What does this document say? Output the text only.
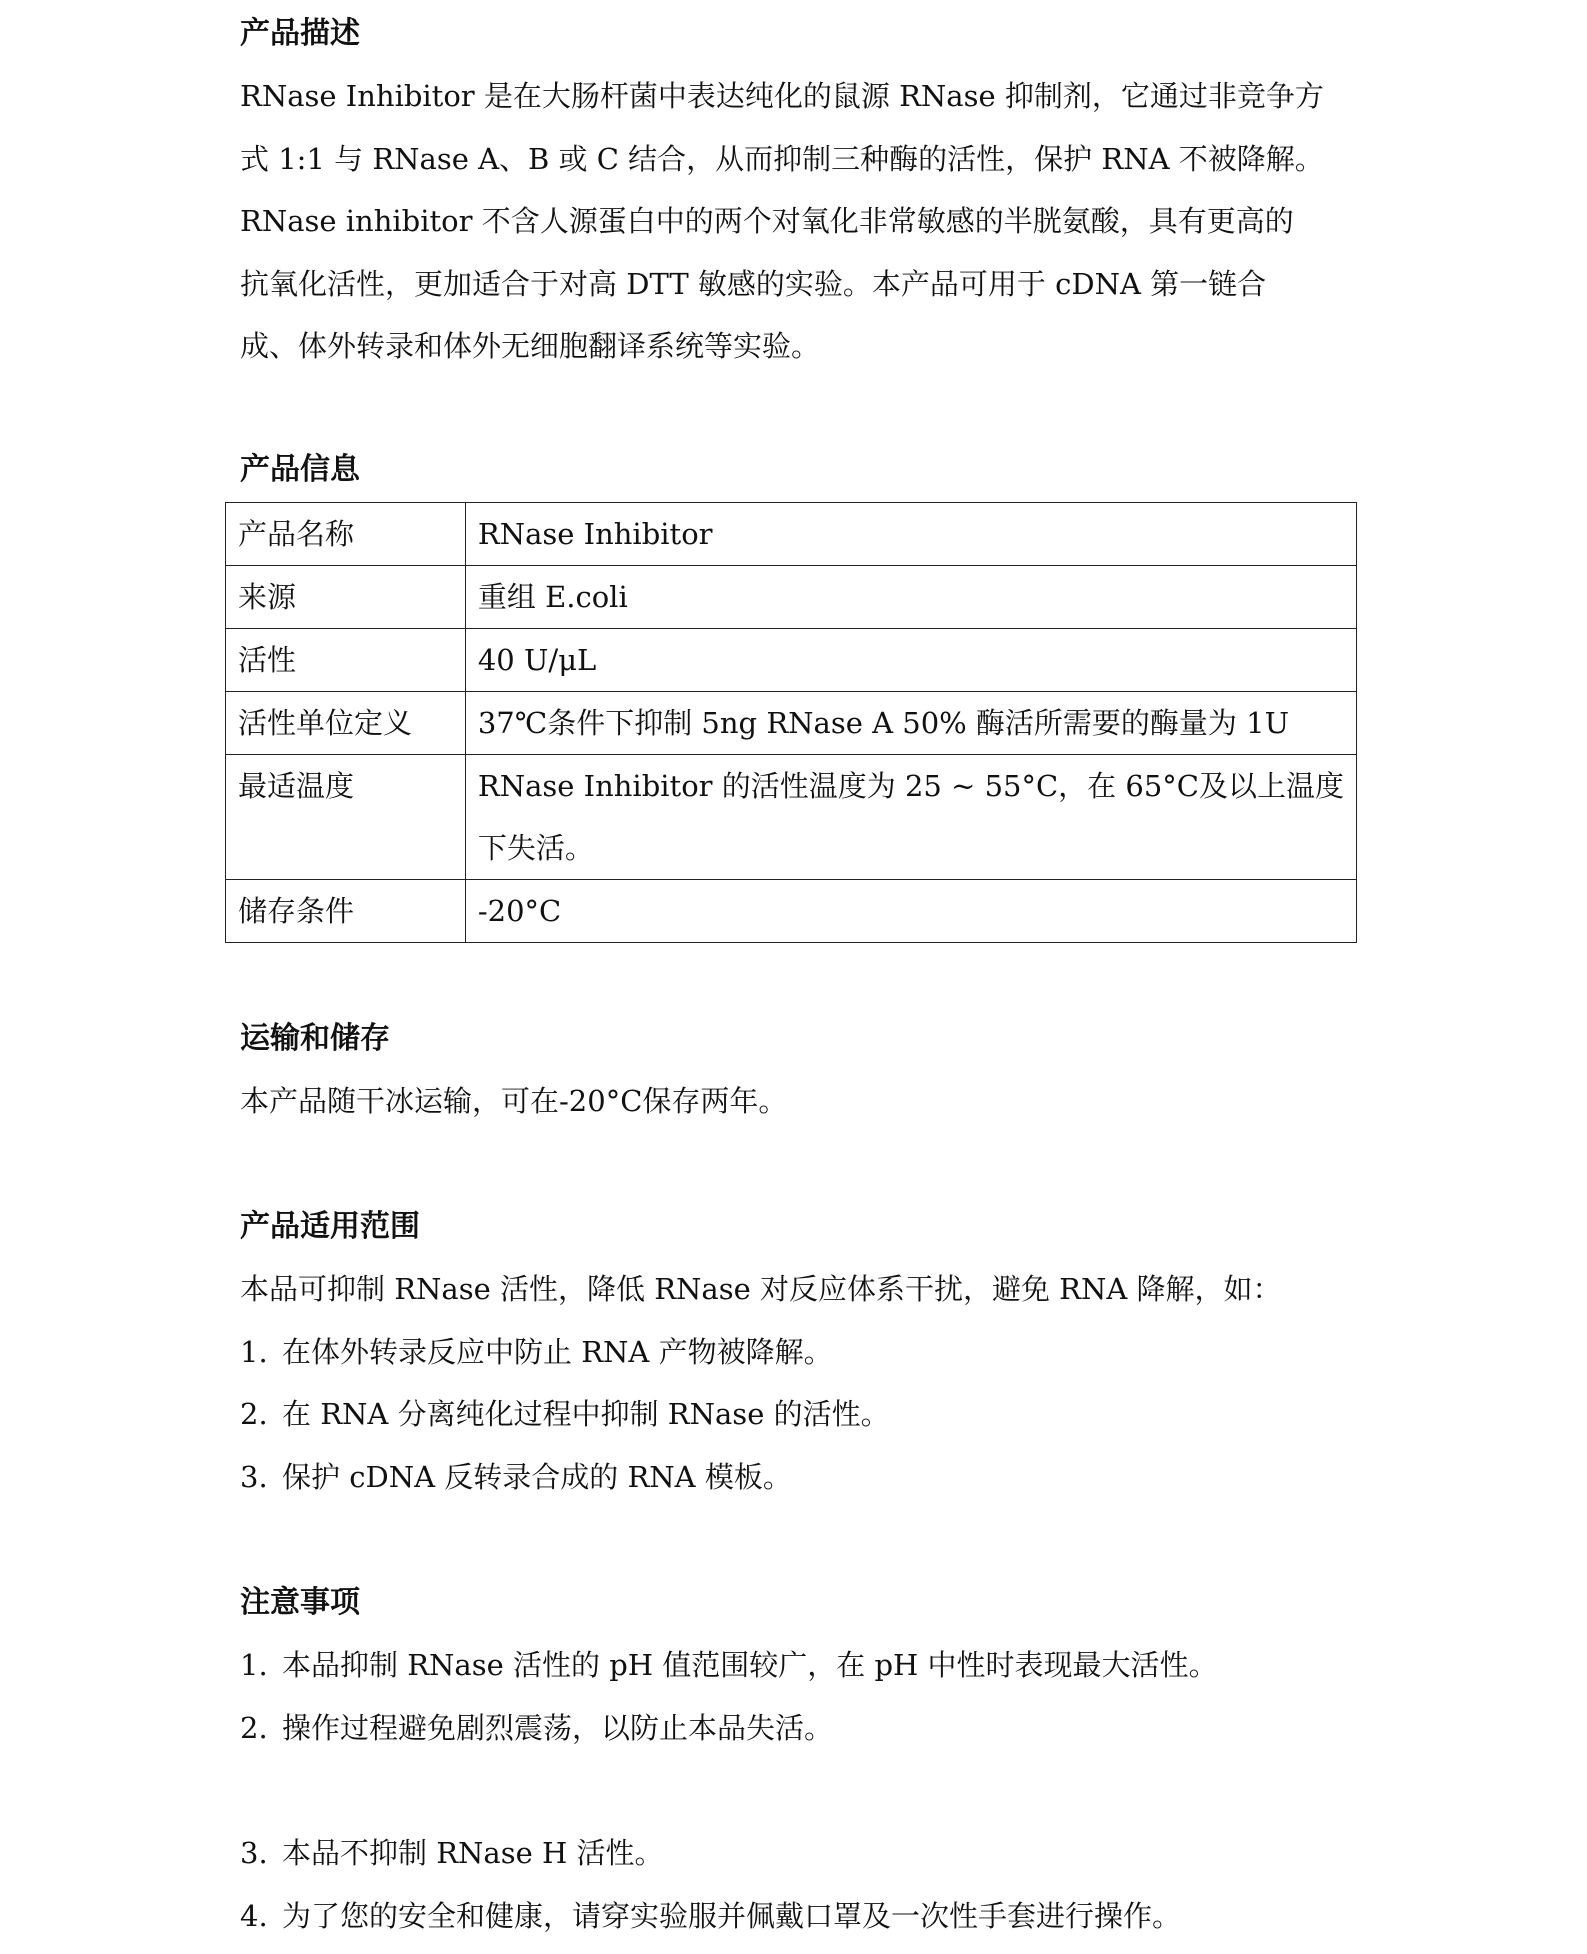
产品描述
RNase Inhibitor 是在大肠杆菌中表达纯化的鼠源 RNase 抑制剂，它通过非竞争方
式 1:1 与 RNase A、B 或 C 结合，从而抑制三种酶的活性，保护 RNA 不被降解。
RNase inhibitor 不含人源蛋白中的两个对氧化非常敏感的半胱氨酸，具有更高的
抗氧化活性，更加适合于对高 DTT 敏感的实验。本产品可用于 cDNA 第一链合
成、体外转录和体外无细胞翻译系统等实验。
产品信息
产品名称	RNase Inhibitor
来源	重组 E.coli
活性	40 U/μL
活性单位定义	37℃条件下抑制 5ng RNase A 50% 酶活所需要的酶量为 1U
最适温度	RNase Inhibitor 的活性温度为 25 ~ 55°C，在 65°C及以上温度
下失活。

储存条件	-20°C
运输和储存
本产品随干冰运输，可在-20°C保存两年。
产品适用范围
本品可抑制 RNase 活性，降低 RNase 对反应体系干扰，避免 RNA 降解，如：
1. 在体外转录反应中防止 RNA 产物被降解。
2. 在 RNA 分离纯化过程中抑制 RNase 的活性。
3. 保护 cDNA 反转录合成的 RNA 模板。
注意事项
1. 本品抑制 RNase 活性的 pH 值范围较广，在 pH 中性时表现最大活性。
2. 操作过程避免剧烈震荡，以防止本品失活。
3. 本品不抑制 RNase H 活性。
4. 为了您的安全和健康，请穿实验服并佩戴口罩及一次性手套进行操作。
